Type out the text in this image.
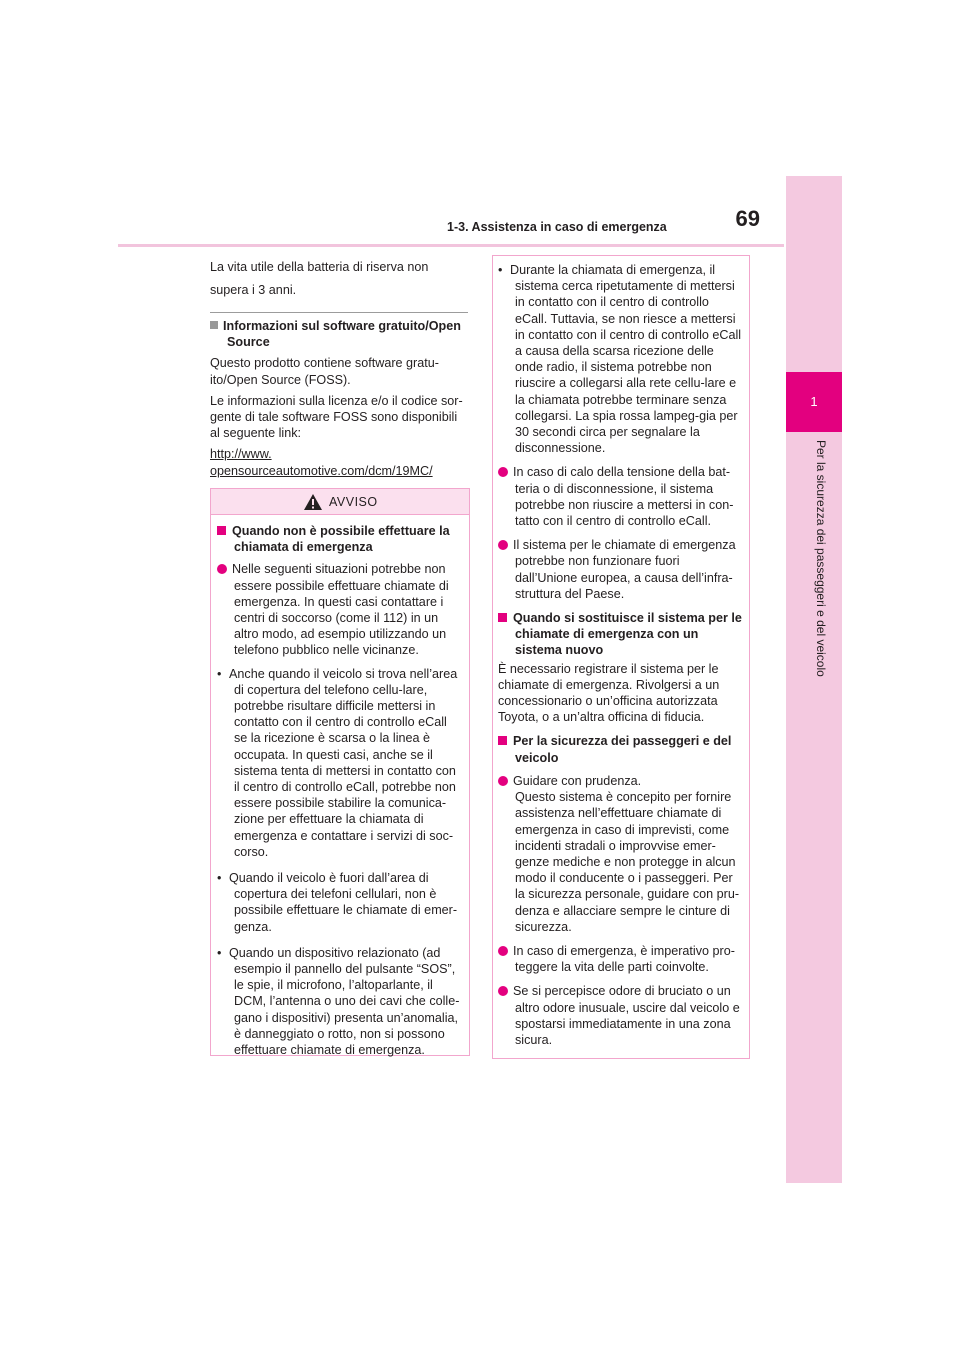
69
1-3. Assistenza in caso di emergenza
1
Per la sicurezza dei passeggeri e del veicolo

La vita utile della batteria di riserva non

supera i 3 anni.

Informazioni sul software gratuito/Open Source

Questo prodotto contiene software gratu-ito/Open Source (FOSS).

Le informazioni sulla licenza e/o il codice sor-gente di tale software FOSS sono disponibili al seguente link:

http://www.
opensourceautomotive.com/dcm/19MC/

AVVISO

Quando non è possibile effettuare la chiamata di emergenza

Nelle seguenti situazioni potrebbe non essere possibile effettuare chiamate di emergenza. In questi casi contattare i centri di soccorso (come il 112) in un altro modo, ad esempio utilizzando un telefono pubblico nelle vicinanze.

• Anche quando il veicolo si trova nell’area di copertura del telefono cellu-lare, potrebbe risultare difficile mettersi in contatto con il centro di controllo eCall se la ricezione è scarsa o la linea è occupata. In questi casi, anche se il sistema tenta di mettersi in contatto con il centro di controllo eCall, potrebbe non essere possibile stabilire la comunica-zione per effettuare la chiamata di emergenza e contattare i servizi di soc-corso.

• Quando il veicolo è fuori dall’area di copertura dei telefoni cellulari, non è possibile effettuare le chiamate di emer-genza.

• Quando un dispositivo relazionato (ad esempio il pannello del pulsante “SOS”, le spie, il microfono, l’altoparlante, il DCM, l’antenna o uno dei cavi che colle-gano i dispositivi) presenta un’anomalia, è danneggiato o rotto, non si possono effettuare chiamate di emergenza.

• Durante la chiamata di emergenza, il sistema cerca ripetutamente di mettersi in contatto con il centro di controllo eCall. Tuttavia, se non riesce a mettersi in contatto con il centro di controllo eCall a causa della scarsa ricezione delle onde radio, il sistema potrebbe non riuscire a collegarsi alla rete cellu-lare e la chiamata potrebbe terminare senza collegarsi. La spia rossa lampeg-gia per 30 secondi circa per segnalare la disconnessione.

In caso di calo della tensione della bat-teria o di disconnessione, il sistema potrebbe non riuscire a mettersi in con-tatto con il centro di controllo eCall.

Il sistema per le chiamate di emergenza potrebbe non funzionare fuori dall’Unione europea, a causa dell’infra-struttura del Paese.

Quando si sostituisce il sistema per le chiamate di emergenza con un sistema nuovo

È necessario registrare il sistema per le chiamate di emergenza. Rivolgersi a un concessionario o un’officina autorizzata Toyota, o a un’altra officina di fiducia.

Per la sicurezza dei passeggeri e del veicolo

Guidare con prudenza.
Questo sistema è concepito per fornire assistenza nell’effettuare chiamate di emergenza in caso di imprevisti, come incidenti stradali o improvvise emer-genze mediche e non protegge in alcun modo il conducente o i passeggeri. Per la sicurezza personale, guidare con pru-denza e allacciare sempre le cinture di sicurezza.

In caso di emergenza, è imperativo pro-teggere la vita delle parti coinvolte.

Se si percepisce odore di bruciato o un altro odore inusuale, uscire dal veicolo e spostarsi immediatamente in una zona sicura.
